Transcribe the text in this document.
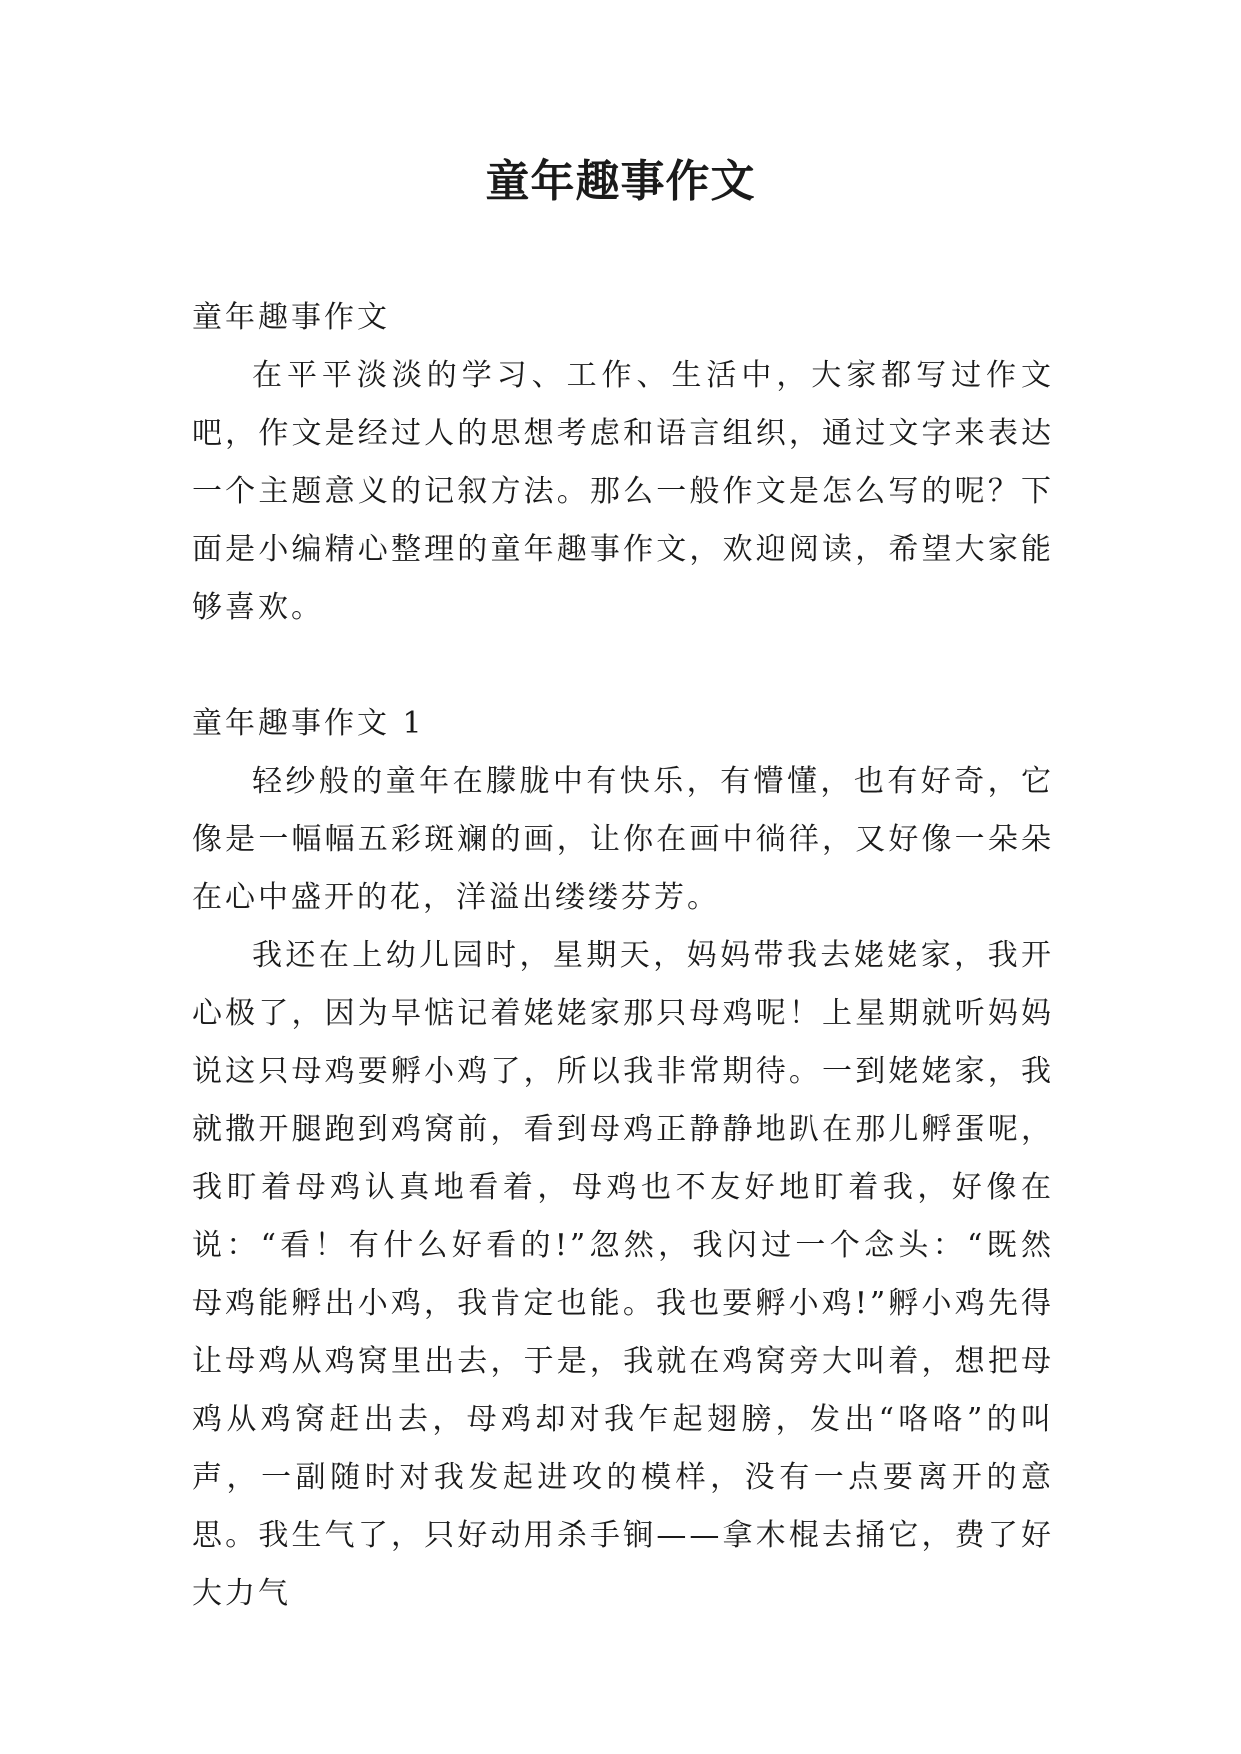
童年趣事作文

童年趣事作文

在平平淡淡的学习、工作、生活中，大家都写过作文吧，作文是经过人的思想考虑和语言组织，通过文字来表达一个主题意义的记叙方法。那么一般作文是怎么写的呢？下面是小编精心整理的童年趣事作文，欢迎阅读，希望大家能够喜欢。

童年趣事作文 1

轻纱般的童年在朦胧中有快乐，有懵懂，也有好奇，它像是一幅幅五彩斑斓的画，让你在画中徜徉，又好像一朵朵在心中盛开的花，洋溢出缕缕芬芳。

我还在上幼儿园时，星期天，妈妈带我去姥姥家，我开心极了，因为早惦记着姥姥家那只母鸡呢！上星期就听妈妈说这只母鸡要孵小鸡了，所以我非常期待。一到姥姥家，我就撒开腿跑到鸡窝前，看到母鸡正静静地趴在那儿孵蛋呢，我盯着母鸡认真地看着，母鸡也不友好地盯着我，好像在说：“看！有什么好看的!”忽然，我闪过一个念头：“既然母鸡能孵出小鸡，我肯定也能。我也要孵小鸡!”孵小鸡先得让母鸡从鸡窝里出去，于是，我就在鸡窝旁大叫着，想把母鸡从鸡窝赶出去，母鸡却对我乍起翅膀，发出“咯咯”的叫声，一副随时对我发起进攻的模样，没有一点要离开的意思。我生气了，只好动用杀手锏——拿木棍去捅它，费了好大力气
